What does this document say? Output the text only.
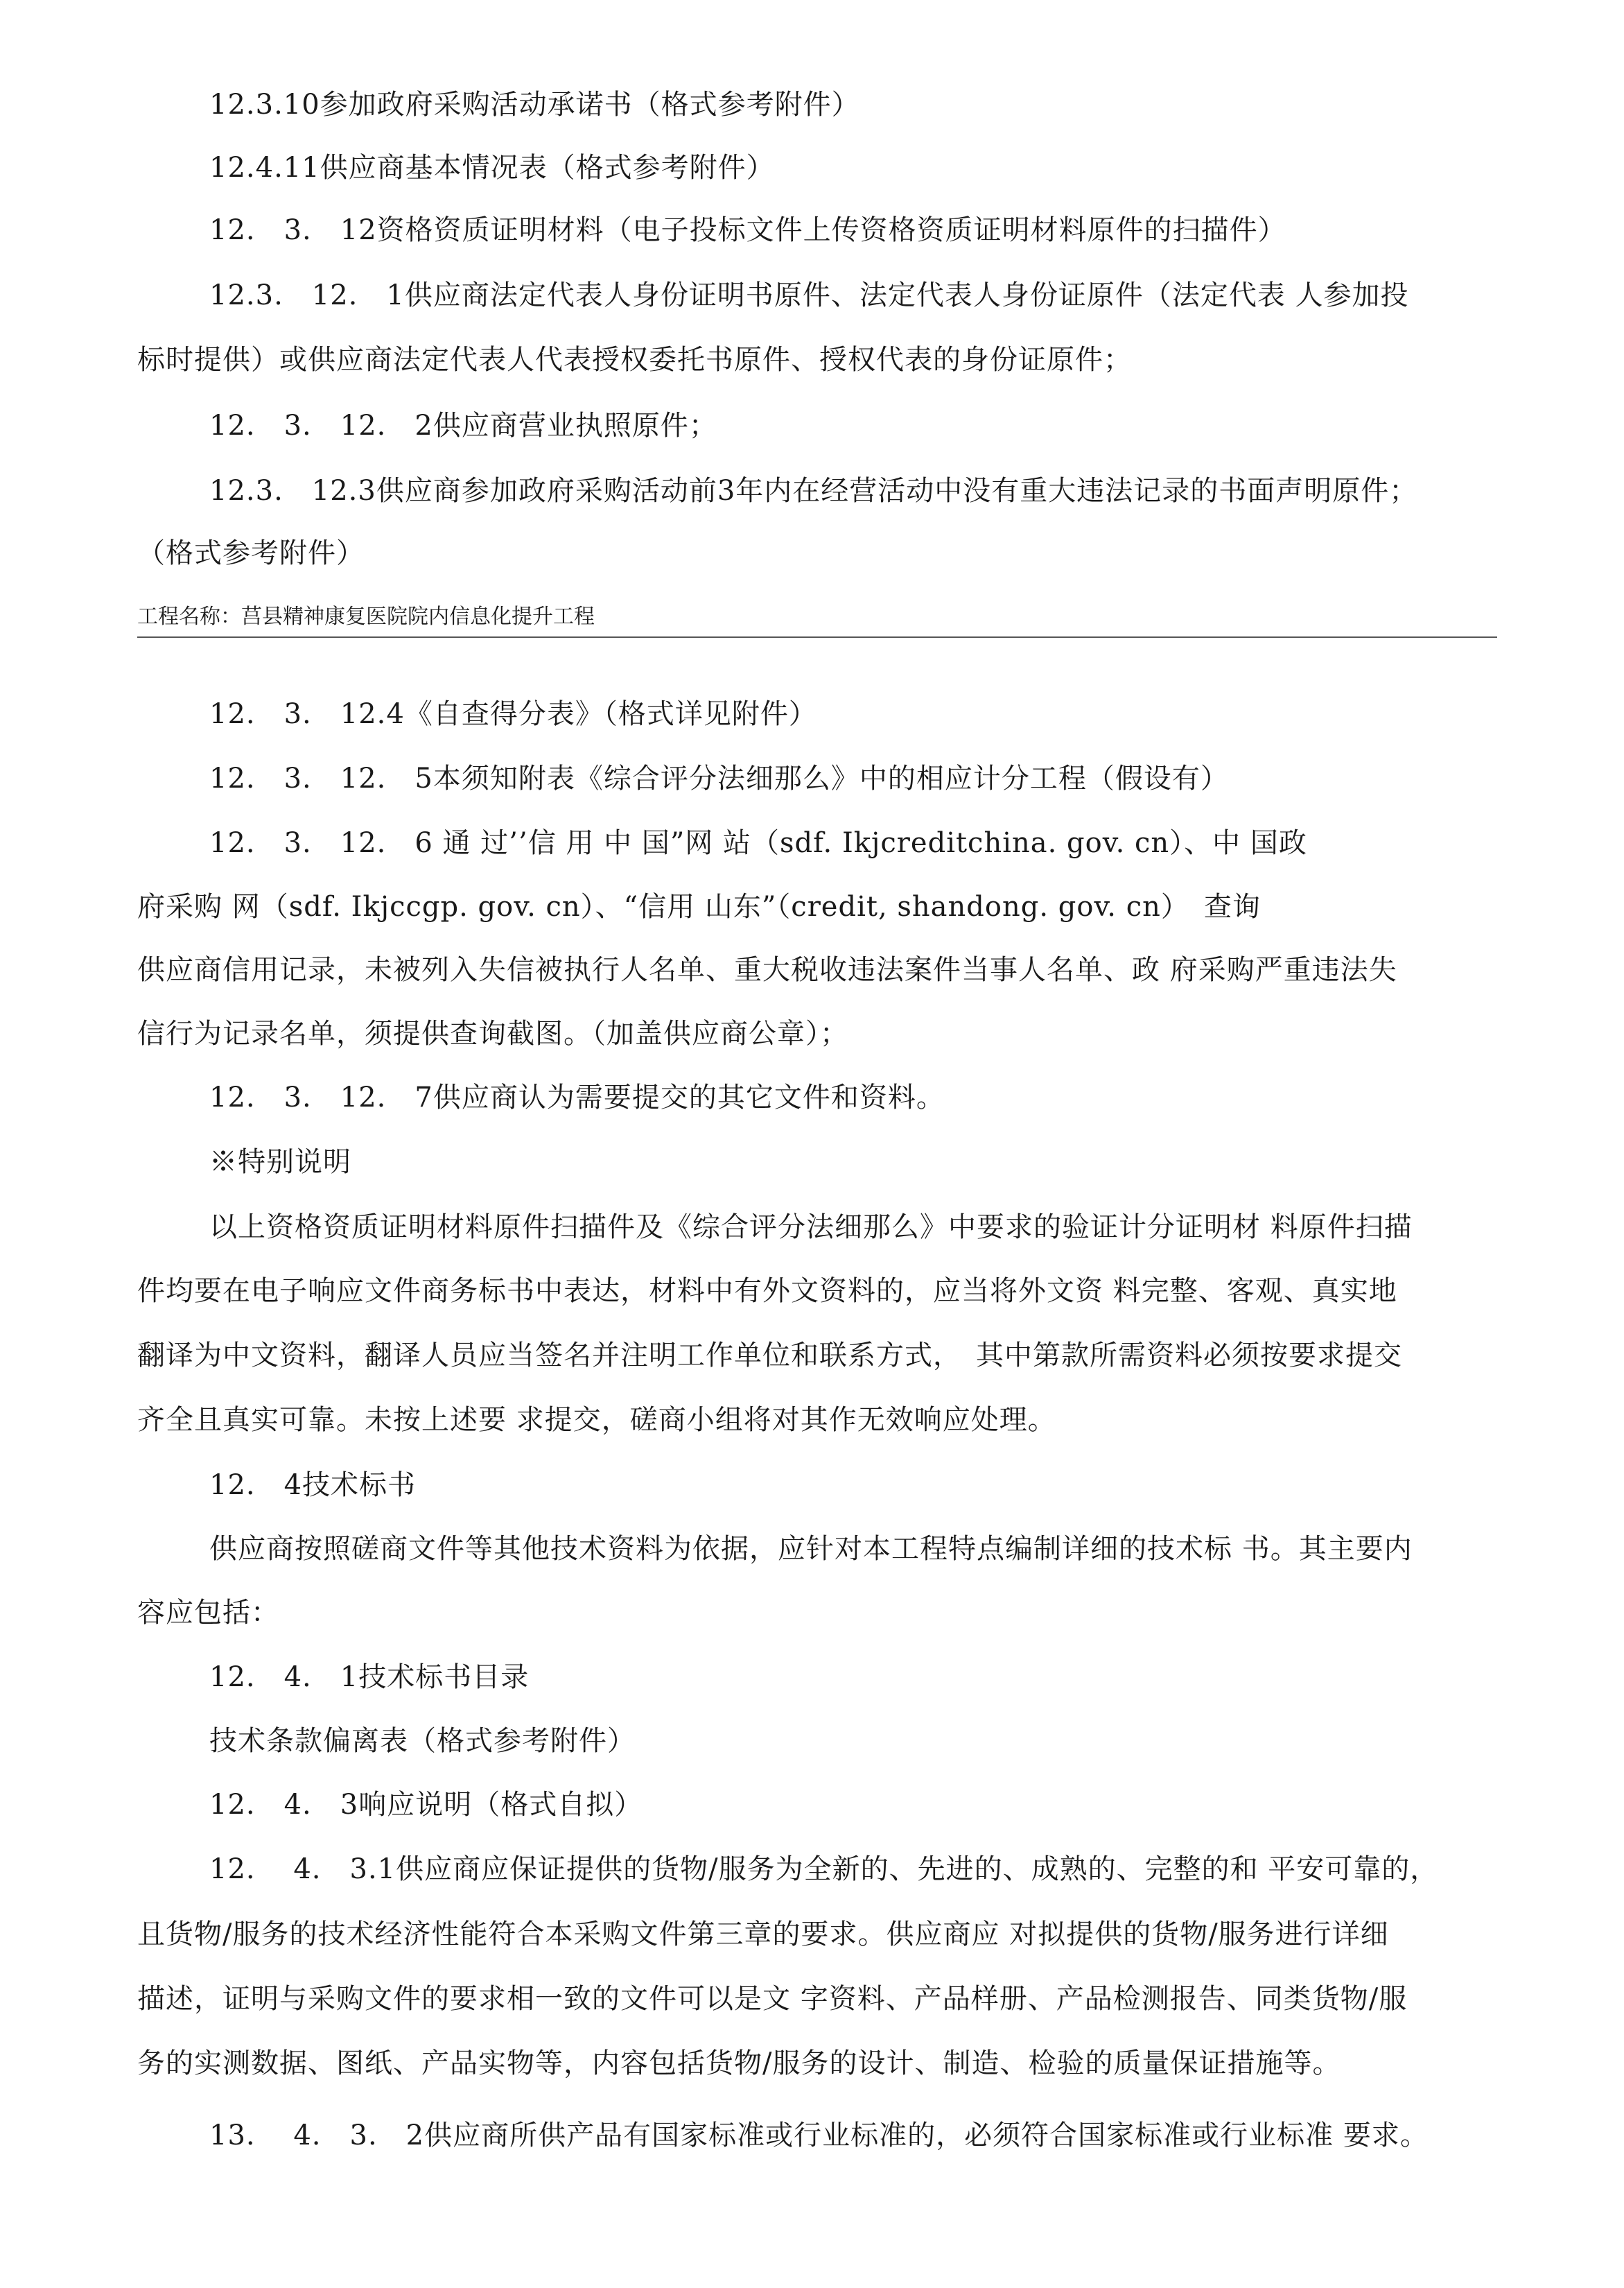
12.3.10参加政府采购活动承诺书（格式参考附件）
12.4.11供应商基本情况表（格式参考附件）
12.　3.　12资格资质证明材料（电子投标文件上传资格资质证明材料原件的扫描件）
12.3.　12.　1供应商法定代表人身份证明书原件、法定代表人身份证原件（法定代表 人参加投
标时提供）或供应商法定代表人代表授权委托书原件、授权代表的身份证原件；
12.　3.　12.　2供应商营业执照原件；
12.3.　12.3供应商参加政府采购活动前3年内在经营活动中没有重大违法记录的书面声明原件；
（格式参考附件）
工程名称：莒县精神康复医院院内信息化提升工程
12.　3.　12.4《自查得分表》（格式详见附件）
12.　3.　12.　5本须知附表《综合评分法细那么》中的相应计分工程（假设有）
12.　3.　12.　6 通 过’’信 用 中 国”网 站（sdf. Ikjcreditchina. gov. cn）、中 国政
府采购 网（sdf. Ikjccgp. gov. cn）、“信用 山东”（credit, shandong. gov. cn）　查询
供应商信用记录，未被列入失信被执行人名单、重大税收违法案件当事人名单、政 府采购严重违法失
信行为记录名单，须提供查询截图。（加盖供应商公章）；
12.　3.　12.　7供应商认为需要提交的其它文件和资料。
※特别说明
以上资格资质证明材料原件扫描件及《综合评分法细那么》中要求的验证计分证明材 料原件扫描
件均要在电子响应文件商务标书中表达，材料中有外文资料的，应当将外文资 料完整、客观、真实地
翻译为中文资料，翻译人员应当签名并注明工作单位和联系方式，　其中第款所需资料必须按要求提交
齐全且真实可靠。未按上述要 求提交，磋商小组将对其作无效响应处理。
12.　4技术标书
供应商按照磋商文件等其他技术资料为依据，应针对本工程特点编制详细的技术标 书。其主要内
容应包括：
12.　4.　1技术标书目录
技术条款偏离表（格式参考附件）
12.　4.　3响应说明（格式自拟）
12.　 4.　3.1供应商应保证提供的货物/服务为全新的、先进的、成熟的、完整的和 平安可靠的，
且货物/服务的技术经济性能符合本采购文件第三章的要求。供应商应 对拟提供的货物/服务进行详细
描述，证明与采购文件的要求相一致的文件可以是文 字资料、产品样册、产品检测报告、同类货物/服
务的实测数据、图纸、产品实物等，内容包括货物/服务的设计、制造、检验的质量保证措施等。
13.　 4.　3.　2供应商所供产品有国家标准或行业标准的，必须符合国家标准或行业标准 要求。
